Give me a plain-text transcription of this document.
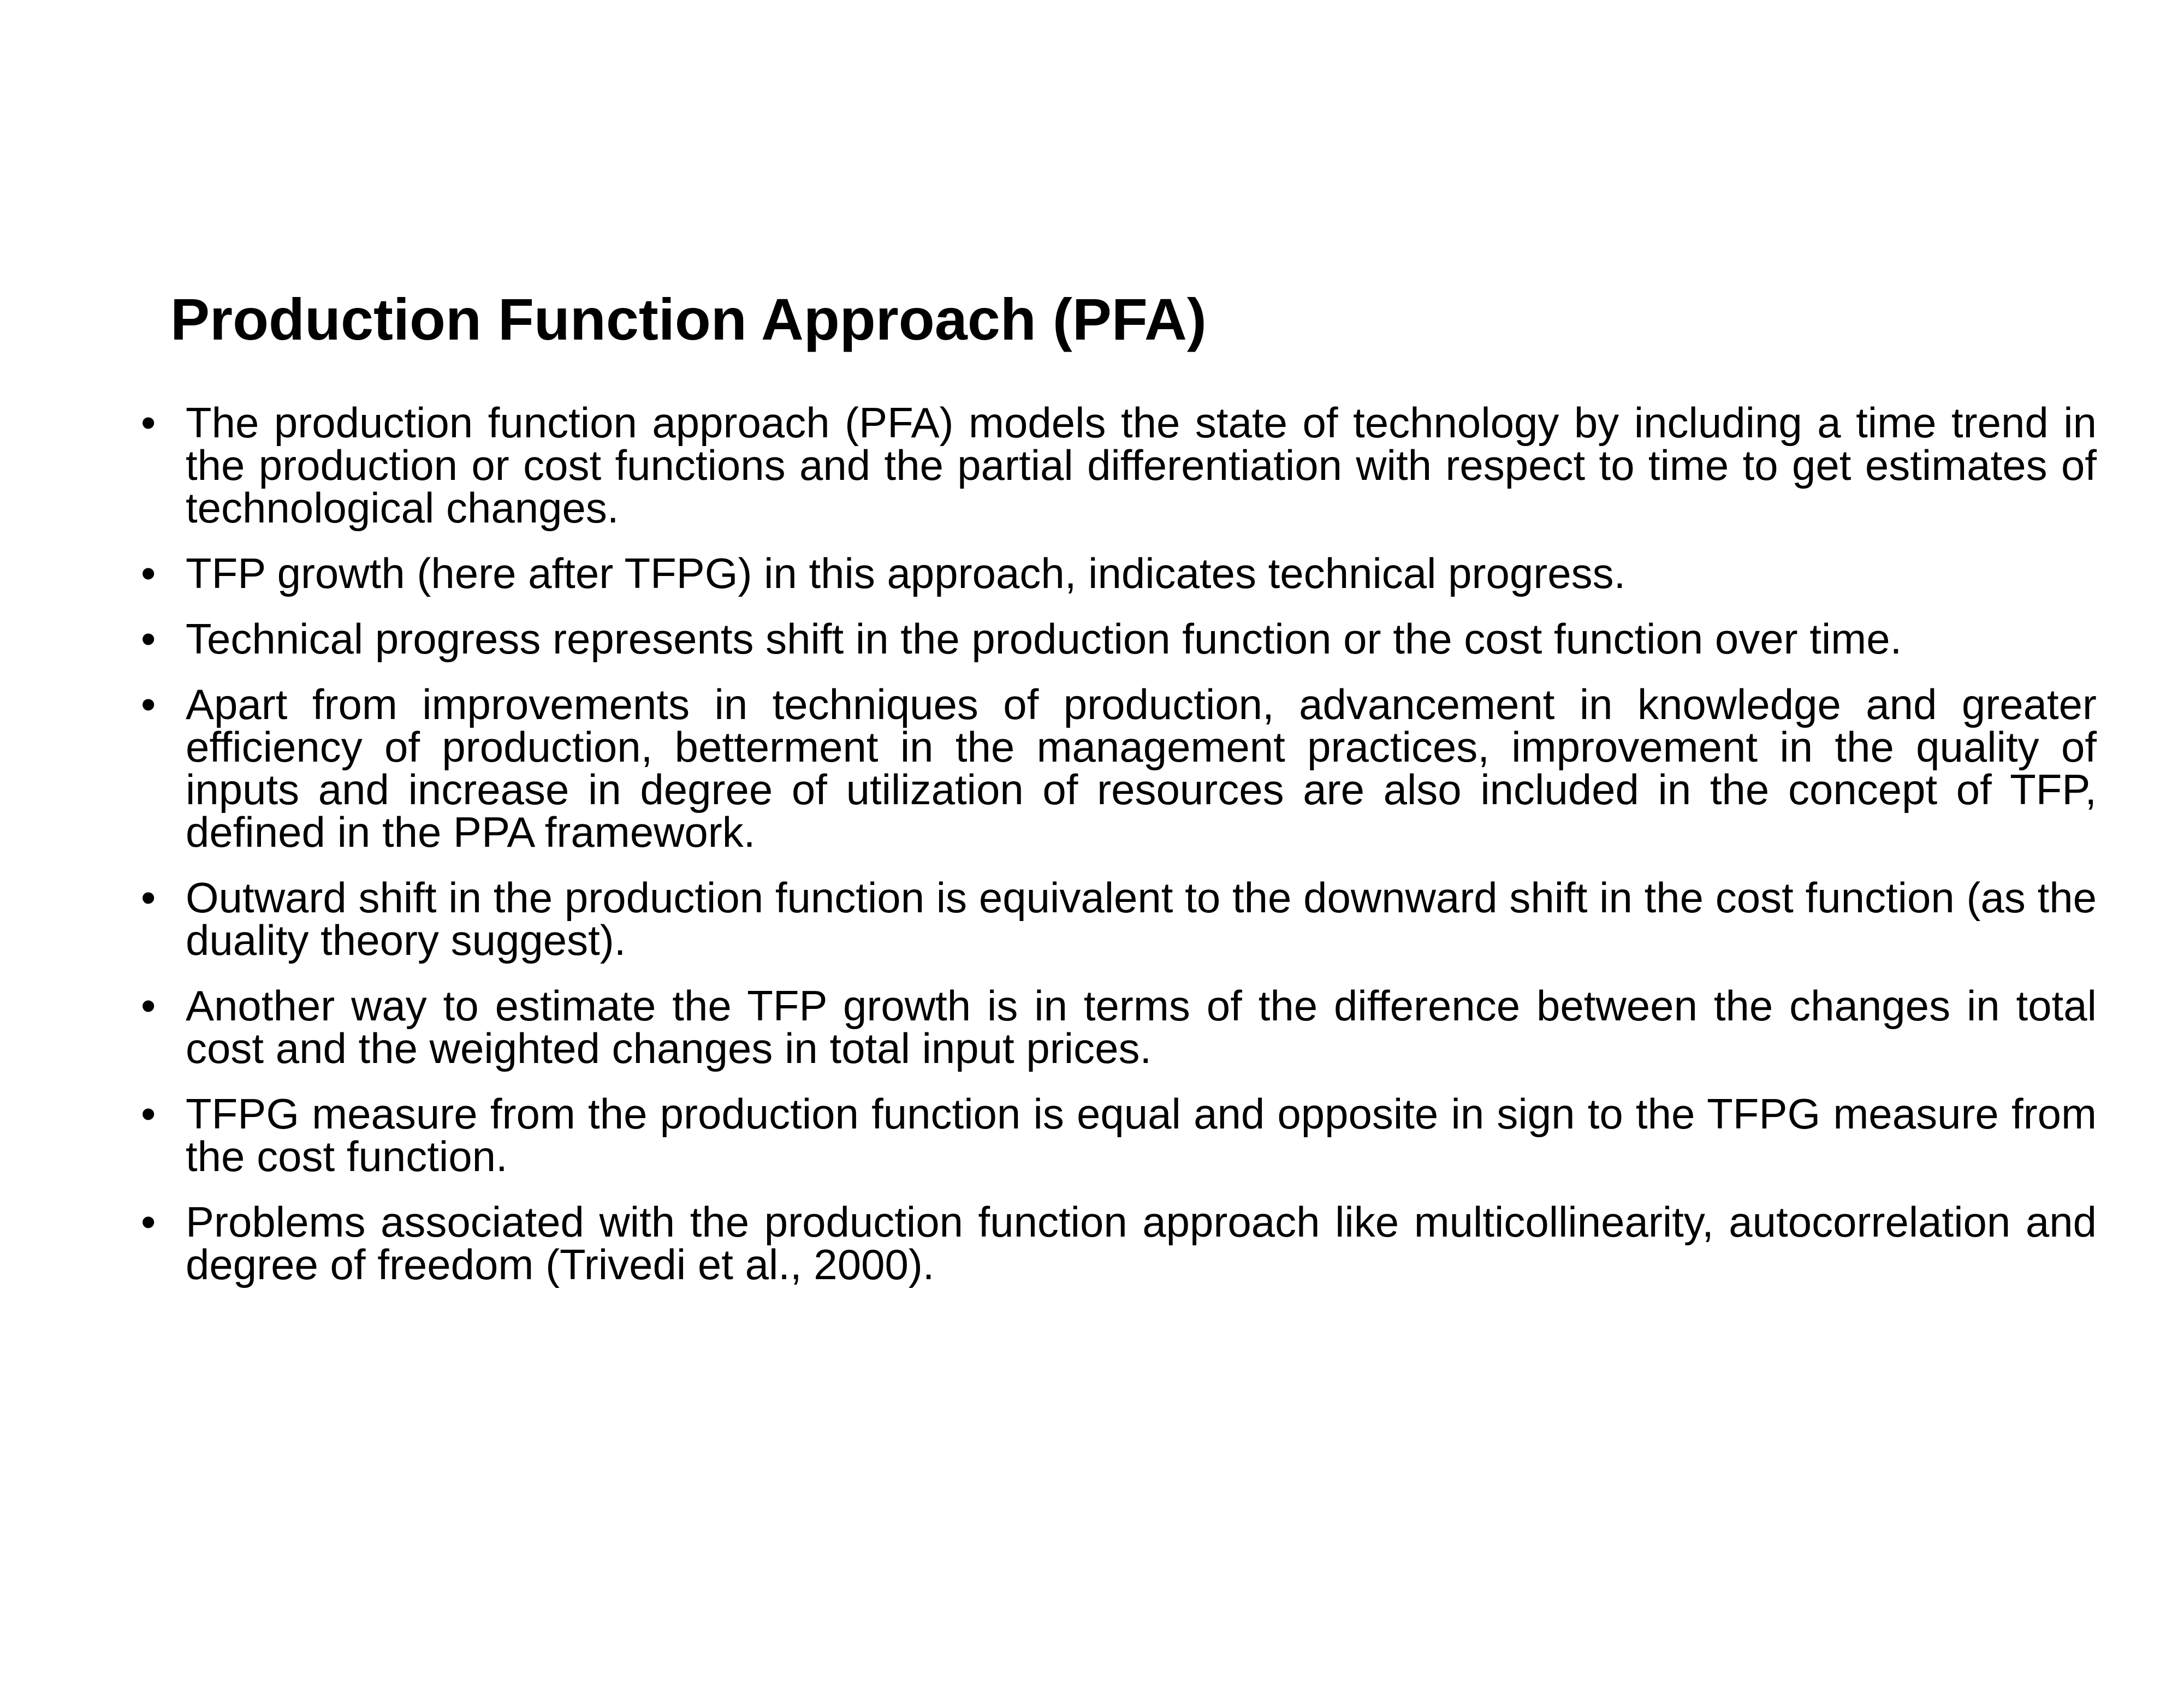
Production Function Approach (PFA)
• The production function approach (PFA) models the state of technology by including a time trend in the production or cost functions and the partial differentiation with respect to time to get estimates of technological changes.
• TFP growth (here after TFPG) in this approach, indicates technical progress.
• Technical progress represents shift in the production function or the cost function over time.
• Apart from improvements in techniques of production, advancement in knowledge and greater efficiency of production, betterment in the management practices, improvement in the quality of inputs and increase in degree of utilization of resources are also included in the concept of TFP, defined in the PPA framework.
• Outward shift in the production function is equivalent to the downward shift in the cost function (as the duality theory suggest).
• Another way to estimate the TFP growth is in terms of the difference between the changes in total cost and the weighted changes in total input prices.
• TFPG measure from the production function is equal and opposite in sign to the TFPG measure from the cost function.
• Problems associated with the production function approach like multicollinearity, autocorrelation and degree of freedom (Trivedi et al., 2000).
